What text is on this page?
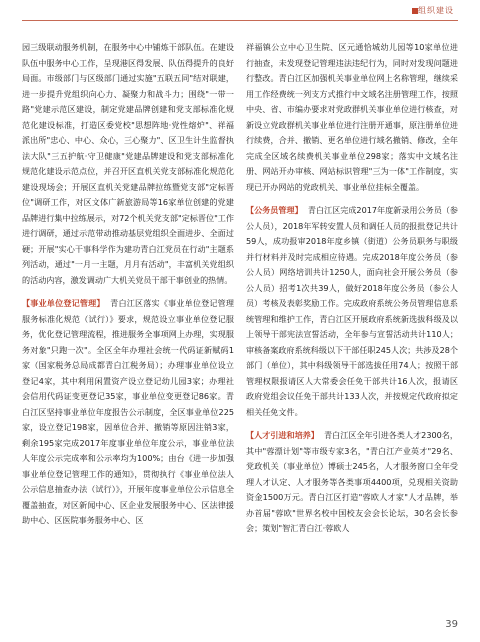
组织建设

园三级联动服务机制，在服务中心中铺炼干部队伍。在建设队伍中服务中心工作，呈现港区得发展、队伍得提升的良好局面。市级部门与区级部门通过实施"五联五同"结对联建，进一步提升党组织向心力、凝聚力和战斗力；围绕"一带一路"党建示范区建设，制定党建品牌创建和党支部标准化规范化建设标准，打造区委党校"思想阵地·党性熔炉"、祥福派出所"忠心、中心、众心，三心聚力"、区卫生计生监督执法大队"三五护航·守卫健康"党建品牌建设和党支部标准化规范化建设示范点位，并召开区直机关党支部标准化规范化建设现场会；开展区直机关党建品牌拉练暨党支部"定标晋位"调研工作，对区文体广新旅游局等16家单位创建的党建品牌进行集中拉练展示，对72个机关党支部"定标晋位"工作进行调研，通过示范带动推动基层党组织全面进步、全面过硬；开展"实心干事科学作为建功青白江党员在行动"主题系列活动，通过"一月一主题，月月有活动"，丰富机关党组织的活动内容，激发调动广大机关党员干部干事创业的热情。

【事业单位登记管理】 青白江区落实《事业单位登记管理服务标准化规范（试行）》要求，规范设立事业单位登记服务，优化登记管理流程，推进服务全事项网上办理，实现服务对象"只跑一次"。全区全年办理社会统一代码证新赋码1家（国家税务总局成都青白江税务局）；办理事业单位设立登记4家，其中利用闲置资产设立登记幼儿园3家；办理社会信用代码证变更登记35家，事业单位变更登记86家。青白江区坚持事业单位年度报告公示制度，全区事业单位225家，设立登记198家，因单位合并、撤销等原因注销3家，剩余195家完成2017年度事业单位年度公示，事业单位法人年度公示完成率和公示率均为100%；由台《进一步加强事业单位登记管理工作的通知》，贯彻执行《事业单位法人公示信息抽查办法（试行）》，开展年度事业单位公示信息全覆盖抽查，对区新闻中心、区企业发展服务中心、区法律援助中心、区医院事务服务中心、区

祥福镇公立中心卫生院、区元通恰城幼儿园等10家单位进行抽查，未发现登记管理违法违纪行为，同时对发现问题进行整改。青白江区加强机关事业单位网上名称管理，继续采用工作经费统一列支方式推行中文域名注册管理工作，按照中央、省、市编办要求对党政群机关事业单位进行核查，对新设立党政群机关事业单位进行注册开通事，原注册单位进行续费，合并、撤销、更名单位进行域名撤销、修改，全年完成全区域名续费机关事业单位298家；落实中文域名注册、网站开办审核、网站标识管理"三为一体"工作制度，实现已开办网站的党政机关、事业单位挂标全覆盖。

【公务员管理】 青白江区完成2017年度新录用公务员（参公人员），2018年军转安置人员和调任人员的报批登记共计59人，成功报审2018年度乡镇（街道）公务员职务与职级并行材料并及时完成相应待遇。完成2018年度公务员（参公人员）网络培训共计1250人，面向社会开展公务员（参公人员）招考1次共39人，做好2018年度公务员（参公人员）考核及表彰奖励工作。完成政府系统公务员管理信息系统管理和维护工作，青白江区开展政府系统新选拔科级及以上领导干部宪法宣誓活动，全年参与宣誓活动共计110人；审核备案政府系统科级以下干部任职245人次；共涉及28个部门（单位），其中科级领导干部选拔任用74人；按照干部管理权限报请区人大常委会任免干部共计16人次，报请区政府党组会议任免干部共计133人次，并按规定代政府拟定相关任免文件。

【人才引进和培养】 青白江区全年引进各类人才2300名，其中"蓉漂计划"等市级专家3名，"青白江产业英才"29名、党政机关（事业单位）博硕士245名，人才服务窗口全年受理人才认定、人才服务等各类事项4400项，兑现相关资助资金1500万元。青白江区打造"蓉欧人才家"人才品牌，举办首届"蓉欧"世界名校中国校友会会长论坛，30名会长参会；策划"智汇青白江·蓉欧人

39
